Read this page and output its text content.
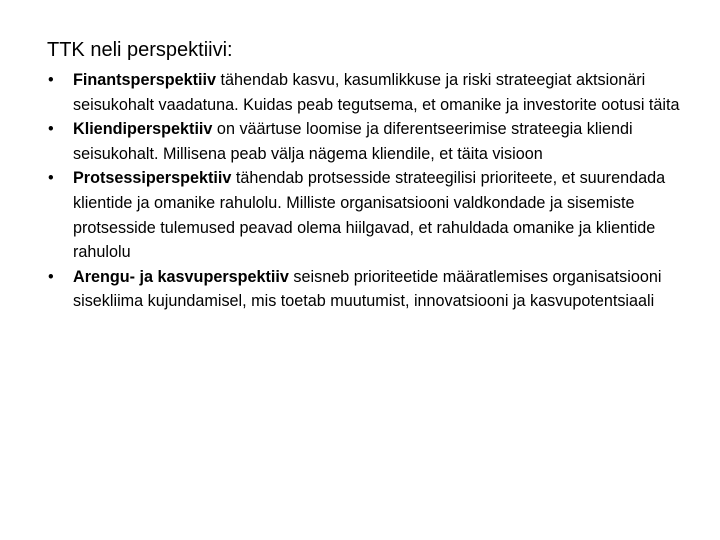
TTK neli perspektiivi:
• Finantsperspektiiv tähendab kasvu, kasumlikkuse ja riski strateegiat aktsionäri seisukohalt vaadatuna. Kuidas peab tegutsema, et omanike ja investorite ootusi täita
• Kliendiperspektiiv on väärtuse loomise ja diferentseerimise strateegia kliendi seisukohalt. Millisena peab välja nägema kliendile, et täita visioon
• Protsessiperspektiiv tähendab protsesside strateegilisi prioriteete, et suurendada klientide ja omanike rahulolu. Milliste organisatsiooni valdkondade ja sisemiste protsesside tulemused peavad olema hiilgavad, et rahuldada omanike ja klientide rahulolu
• Arengu- ja kasvuperspektiiv seisneb prioriteetide määratlemises organisatsiooni sisekliima kujundamisel, mis toetab muutumist, innovatsiooni ja kasvupotentsiaali
